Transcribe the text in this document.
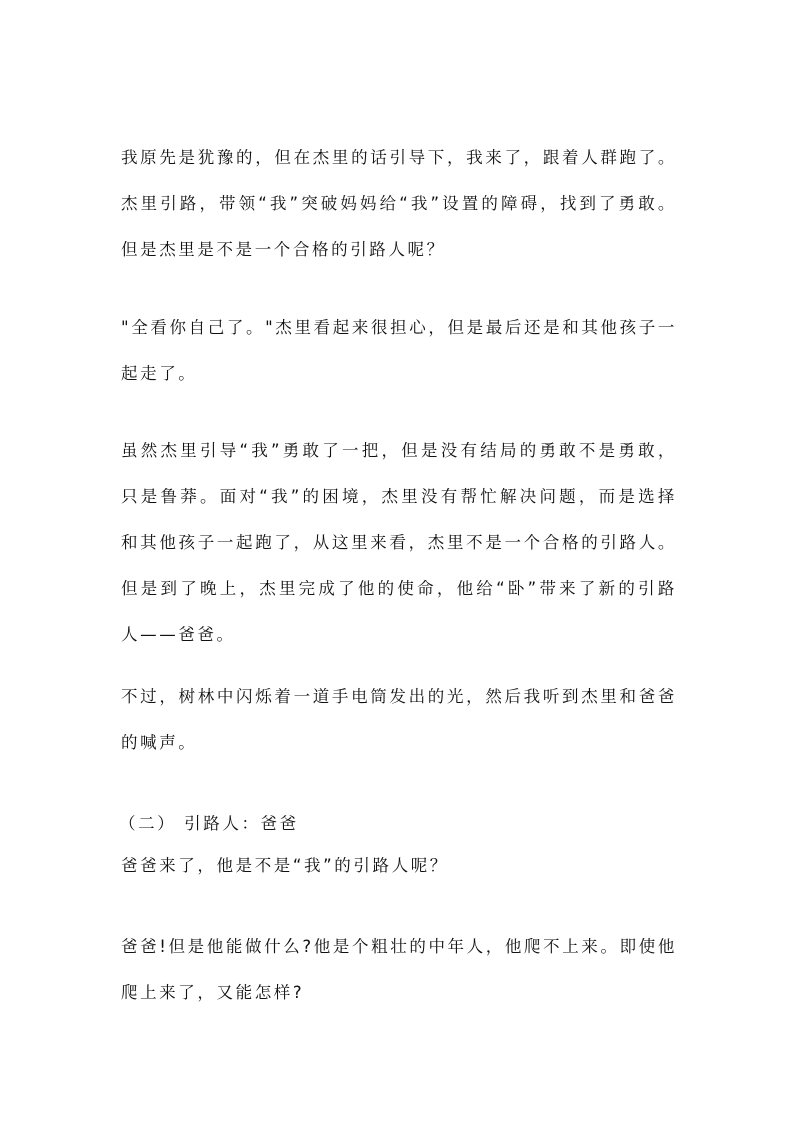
我原先是犹豫的，但在杰里的话引导下，我来了，跟着人群跑了。杰里引路，带领“我”突破妈妈给“我”设置的障碍，找到了勇敢。但是杰里是不是一个合格的引路人呢？

"全看你自己了。"杰里看起来很担心，但是最后还是和其他孩子一起走了。

虽然杰里引导“我”勇敢了一把，但是没有结局的勇敢不是勇敢，只是鲁莽。面对“我”的困境，杰里没有帮忙解决问题，而是选择和其他孩子一起跑了，从这里来看，杰里不是一个合格的引路人。但是到了晚上，杰里完成了他的使命，他给“卧”带来了新的引路人——爸爸。

不过，树林中闪烁着一道手电筒发出的光，然后我听到杰里和爸爸的喊声。

（二） 引路人：爸爸

爸爸来了，他是不是“我”的引路人呢？

爸爸!但是他能做什么?他是个粗壮的中年人，他爬不上来。即使他爬上来了，又能怎样?
